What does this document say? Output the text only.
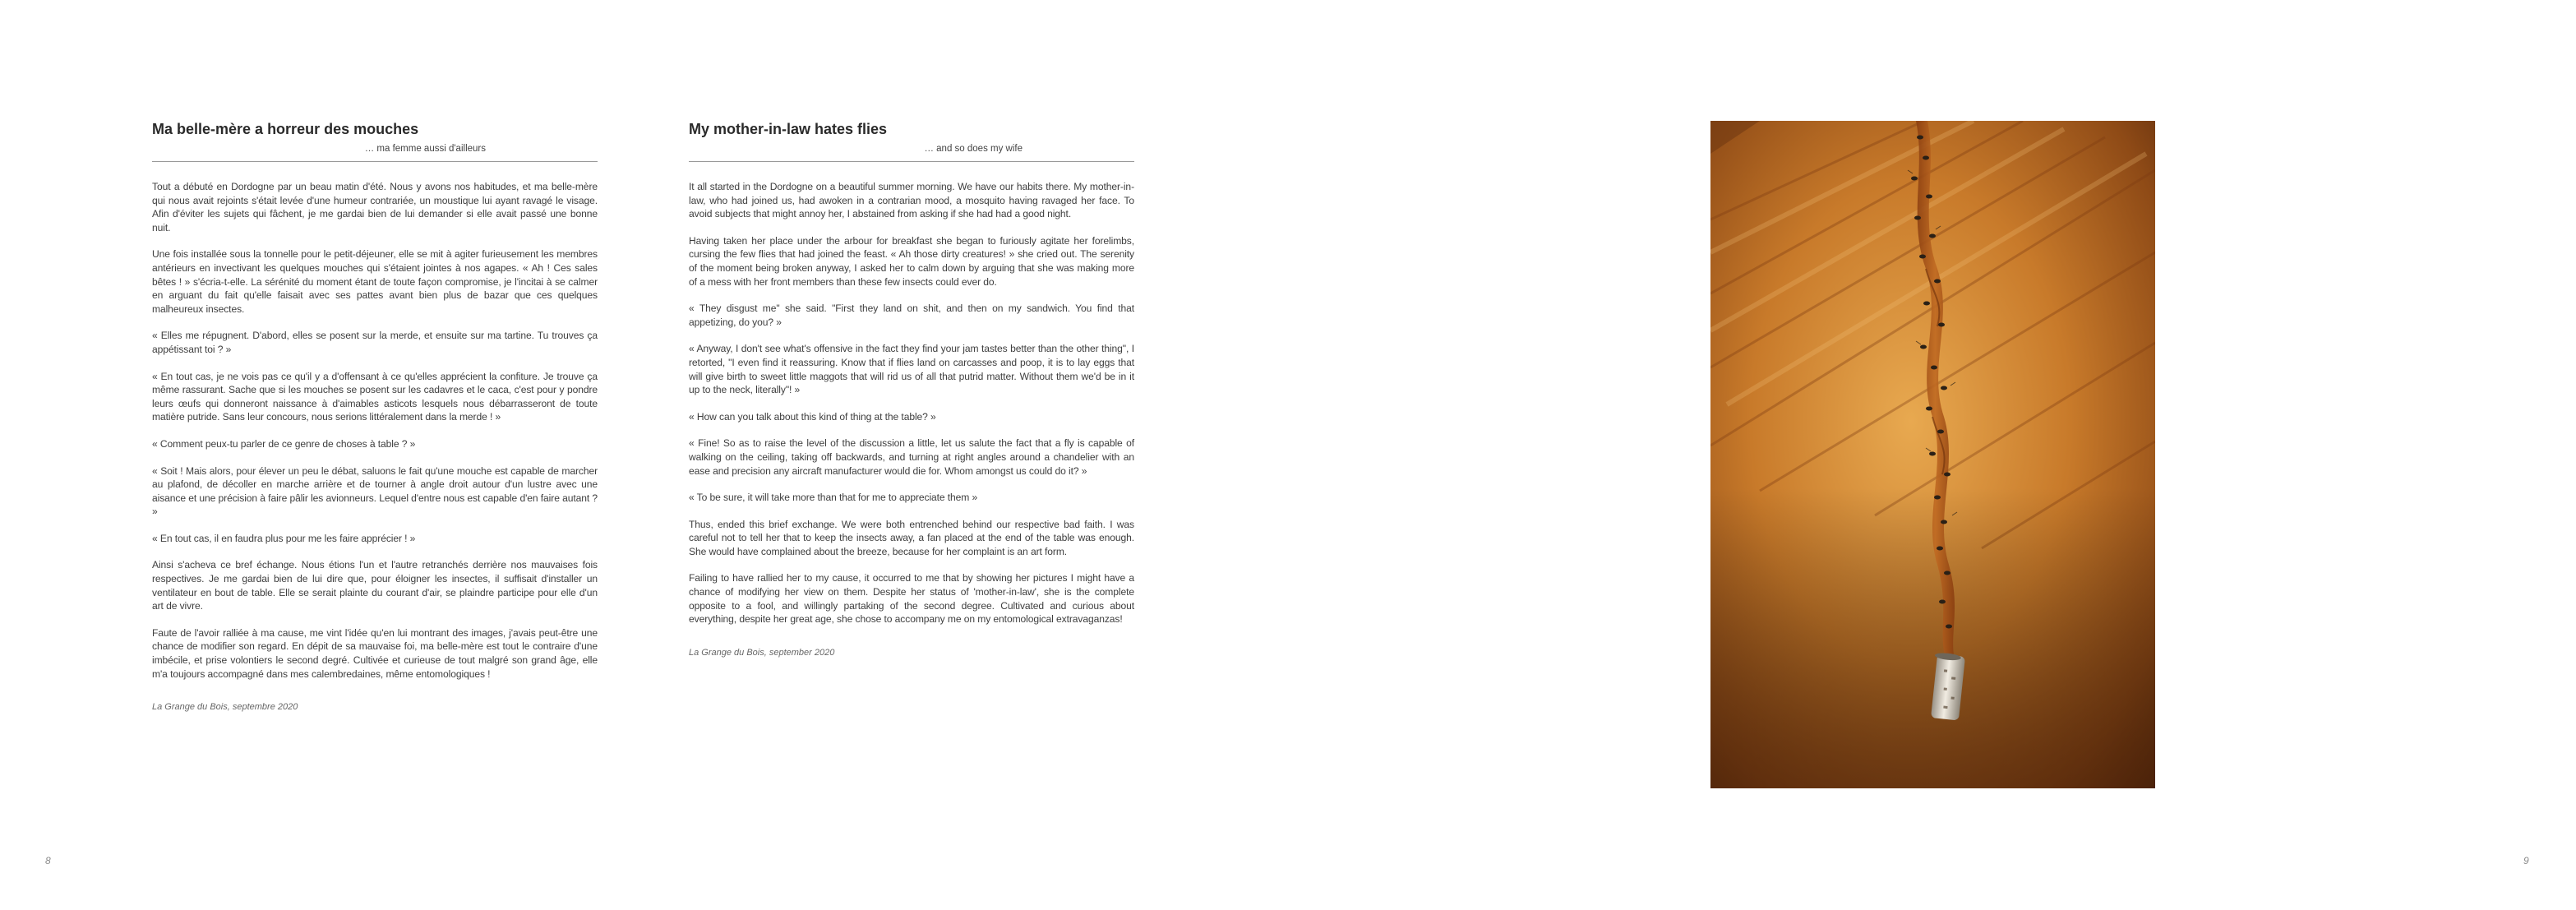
Ma belle-mère a horreur des mouches

… ma femme aussi d'ailleurs

Tout a débuté en Dordogne par un beau matin d'été. Nous y avons nos habitudes, et ma belle-mère qui nous avait rejoints s'était levée d'une humeur contrariée, un moustique lui ayant ravagé le visage. Afin d'éviter les sujets qui fâchent, je me gardai bien de lui demander si elle avait passé une bonne nuit.

Une fois installée sous la tonnelle pour le petit-déjeuner, elle se mit à agiter furieusement les membres antérieurs en invectivant les quelques mouches qui s'étaient jointes à nos agapes. « Ah ! Ces sales bêtes ! » s'écria-t-elle. La sérénité du moment étant de toute façon compromise, je l'incitai à se calmer en arguant du fait qu'elle faisait avec ses pattes avant bien plus de bazar que ces quelques malheureux insectes.

« Elles me répugnent. D'abord, elles se posent sur la merde, et ensuite sur ma tartine. Tu trouves ça appétissant toi ? »

« En tout cas, je ne vois pas ce qu'il y a d'offensant à ce qu'elles apprécient la confiture. Je trouve ça même rassurant. Sache que si les mouches se posent sur les cadavres et le caca, c'est pour y pondre leurs œufs qui donneront naissance à d'aimables asticots lesquels nous débarrasseront de toute matière putride. Sans leur concours, nous serions littéralement dans la merde ! »

« Comment peux-tu parler de ce genre de choses à table ? »

« Soit ! Mais alors, pour élever un peu le débat, saluons le fait qu'une mouche est capable de marcher au plafond, de décoller en marche arrière et de tourner à angle droit autour d'un lustre avec une aisance et une précision à faire pâlir les avionneurs. Lequel d'entre nous est capable d'en faire autant ? »

« En tout cas, il en faudra plus pour me les faire apprécier ! »

Ainsi s'acheva ce bref échange. Nous étions l'un et l'autre retranchés derrière nos mauvaises fois respectives. Je me gardai bien de lui dire que, pour éloigner les insectes, il suffisait d'installer un ventilateur en bout de table. Elle se serait plainte du courant d'air, se plaindre participe pour elle d'un art de vivre.

Faute de l'avoir ralliée à ma cause, me vint l'idée qu'en lui montrant des images, j'avais peut-être une chance de modifier son regard. En dépit de sa mauvaise foi, ma belle-mère est tout le contraire d'une imbécile, et prise volontiers le second degré. Cultivée et curieuse de tout malgré son grand âge, elle m'a toujours accompagné dans mes calembredaines, même entomologiques !

La Grange du Bois, septembre 2020
My mother-in-law hates flies

… and so does my wife

It all started in the Dordogne on a beautiful summer morning. We have our habits there. My mother-in-law, who had joined us, had awoken in a contrarian mood, a mosquito having ravaged her face. To avoid subjects that might annoy her, I abstained from asking if she had had a good night.

Having taken her place under the arbour for breakfast she began to furiously agitate her forelimbs, cursing the few flies that had joined the feast. « Ah those dirty creatures! » she cried out. The serenity of the moment being broken anyway, I asked her to calm down by arguing that she was making more of a mess with her front members than these few insects could ever do.

« They disgust me" she said. "First they land on shit, and then on my sandwich. You find that appetizing, do you? »

« Anyway, I don't see what's offensive in the fact they find your jam tastes better than the other thing", I retorted, "I even find it reassuring. Know that if flies land on carcasses and poop, it is to lay eggs that will give birth to sweet little maggots that will rid us of all that putrid matter. Without them we'd be in it up to the neck, literally"! »

« How can you talk about this kind of thing at the table? »

« Fine! So as to raise the level of the discussion a little, let us salute the fact that a fly is capable of walking on the ceiling, taking off backwards, and turning at right angles around a chandelier with an ease and precision any aircraft manufacturer would die for. Whom amongst us could do it? »

« To be sure, it will take more than that for me to appreciate them »

Thus, ended this brief exchange. We were both entrenched behind our respective bad faith. I was careful not to tell her that to keep the insects away, a fan placed at the end of the table was enough. She would have complained about the breeze, because for her complaint is an art form.

Failing to have rallied her to my cause, it occurred to me that by showing her pictures I might have a chance of modifying her view on them. Despite her status of 'mother-in-law', she is the complete opposite to a fool, and willingly partaking of the second degree. Cultivated and curious about everything, despite her great age, she chose to accompany me on my entomological extravaganzas!

La Grange du Bois, september 2020
8	9
